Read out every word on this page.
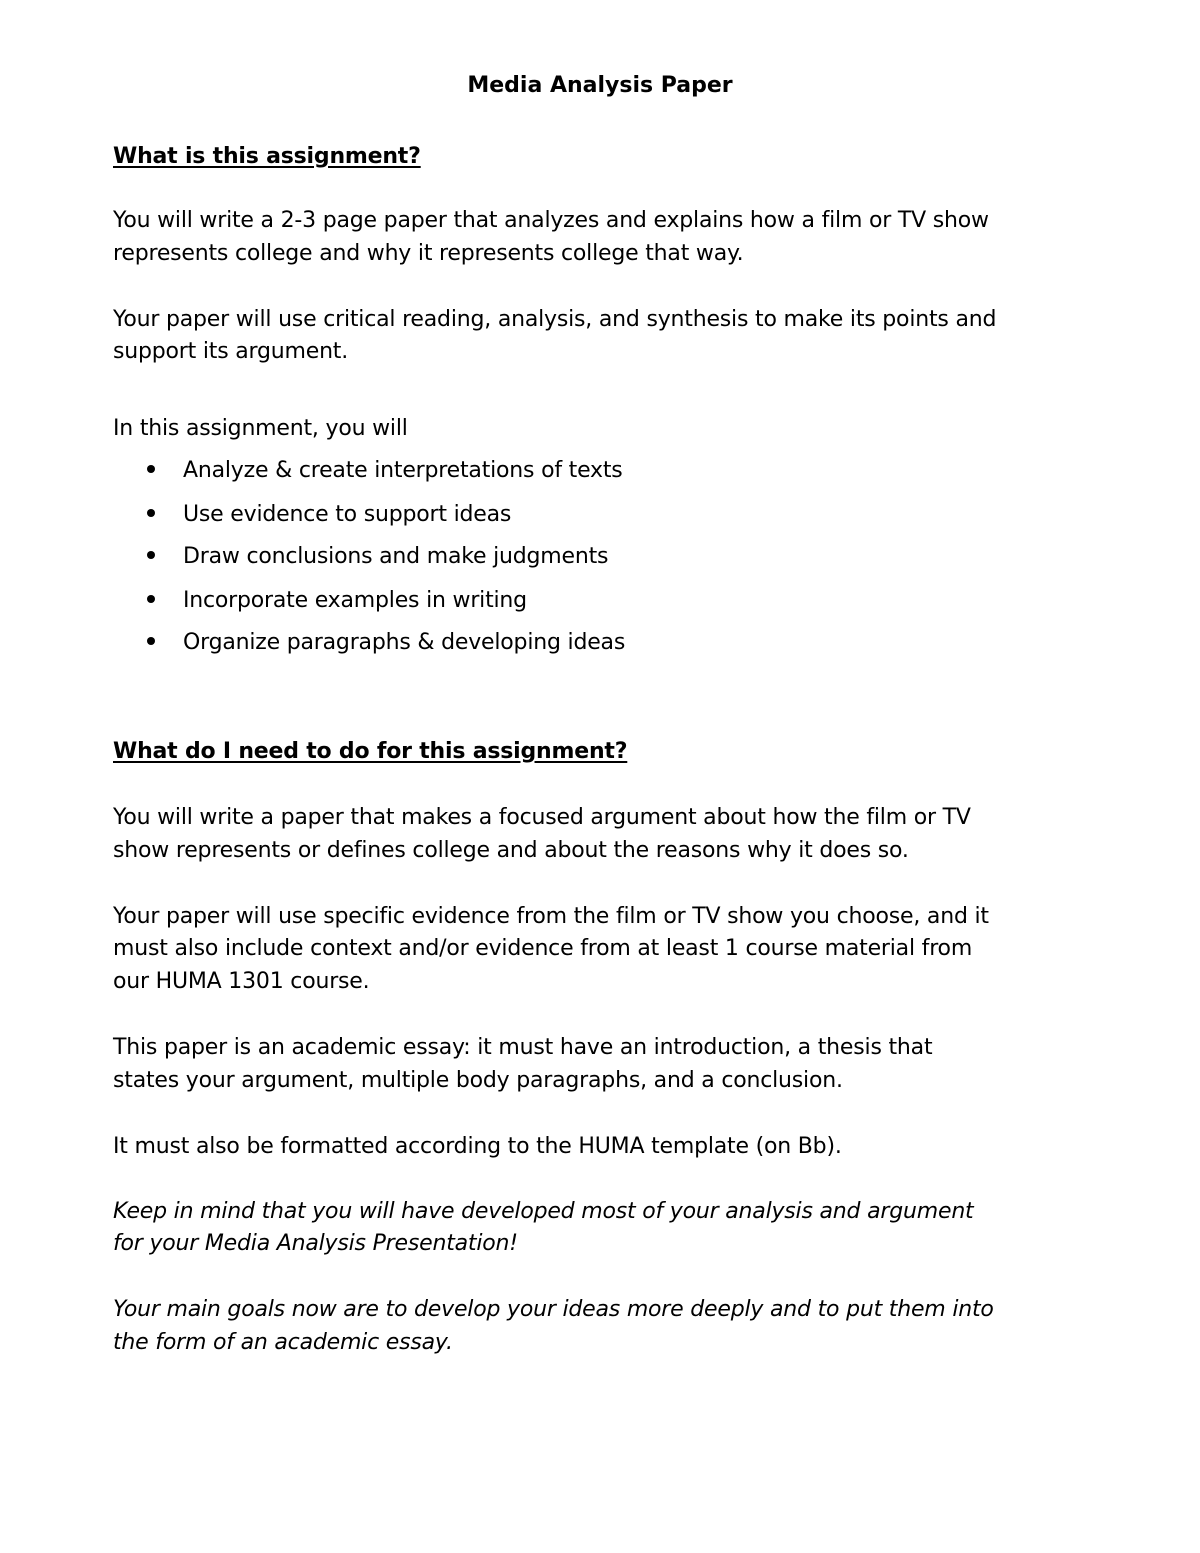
Media Analysis Paper

What is this assignment?

You will write a 2-3 page paper that analyzes and explains how a film or TV show

represents college and why it represents college that way.

Your paper will use critical reading, analysis, and synthesis to make its points and

support its argument.

In this assignment, you will

Analyze & create interpretations of texts

Use evidence to support ideas

Draw conclusions and make judgments

Incorporate examples in writing

Organize paragraphs & developing ideas

What do I need to do for this assignment?

You will write a paper that makes a focused argument about how the film or TV

show represents or defines college and about the reasons why it does so.

Your paper will use specific evidence from the film or TV show you choose, and it

must also include context and/or evidence from at least 1 course material from

our HUMA 1301 course.

This paper is an academic essay: it must have an introduction, a thesis that

states your argument, multiple body paragraphs, and a conclusion.

It must also be formatted according to the HUMA template (on Bb).

Keep in mind that you will have developed most of your analysis and argument

for your Media Analysis Presentation!

Your main goals now are to develop your ideas more deeply and to put them into

the form of an academic essay.
